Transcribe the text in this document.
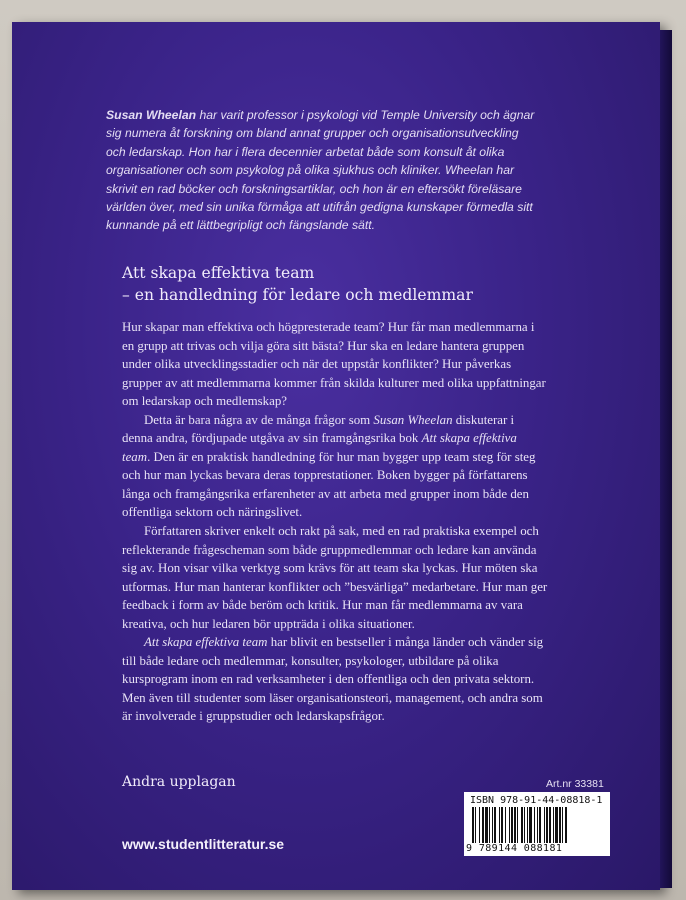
Susan Wheelan har varit professor i psykologi vid Temple University och ägnar sig numera åt forskning om bland annat grupper och organisationsutveckling och ledarskap. Hon har i flera decennier arbetat både som konsult åt olika organisationer och som psykolog på olika sjukhus och kliniker. Wheelan har skrivit en rad böcker och forskningsartiklar, och hon är en eftersökt föreläsare världen över, med sin unika förmåga att utifrån gedigna kunskaper förmedla sitt kunnande på ett lättbegripligt och fängslande sätt.
Att skapa effektiva team
– en handledning för ledare och medlemmar

Hur skapar man effektiva och högpresterade team? Hur får man medlemmarna i en grupp att trivas och vilja göra sitt bästa? Hur ska en ledare hantera gruppen under olika utvecklingsstadier och när det uppstår konflikter? Hur påverkas grupper av att medlemmarna kommer från skilda kulturer med olika uppfattningar om ledarskap och medlemskap?

Detta är bara några av de många frågor som Susan Wheelan diskuterar i denna andra, fördjupade utgåva av sin framgångsrika bok Att skapa effektiva team. Den är en praktisk handledning för hur man bygger upp team steg för steg och hur man lyckas bevara deras topprestationer. Boken bygger på författarens långa och framgångsrika erfarenheter av att arbeta med grupper inom både den offentliga sektorn och näringslivet.

Författaren skriver enkelt och rakt på sak, med en rad praktiska exempel och reflekterande frågescheman som både gruppmedlemmar och ledare kan använda sig av. Hon visar vilka verktyg som krävs för att team ska lyckas. Hur möten ska utformas. Hur man hanterar konflikter och ”besvärliga” medarbetare. Hur man ger feedback i form av både beröm och kritik. Hur man får medlemmarna av vara kreativa, och hur ledaren bör uppträda i olika situationer.

Att skapa effektiva team har blivit en bestseller i många länder och vänder sig till både ledare och medlemmar, konsulter, psykologer, utbildare på olika kursprogram inom en rad verksamheter i den offentliga och den privata sektorn. Men även till studenter som läser organisationsteori, management, och andra som är involverade i gruppstudier och ledarskapsfrågor.

Andra upplagan	Art.nr 33381
ISBN 978-91-44-08818-1
9 789144 088181
www.studentlitteratur.se
